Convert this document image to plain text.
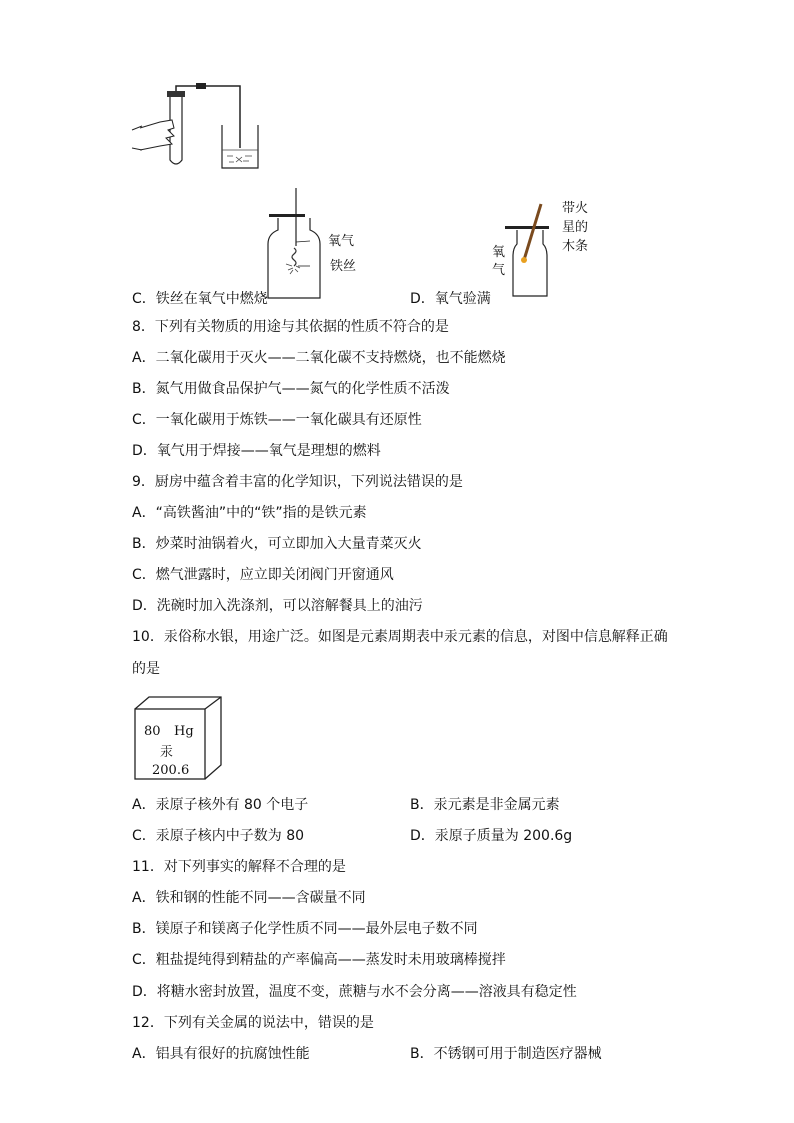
氧气
铁丝
带火
星的
木条
氧
气
C．铁丝在氧气中燃烧	D．氧气验满
8．下列有关物质的用途与其依据的性质不符合的是
A．二氧化碳用于灭火——二氧化碳不支持燃烧，也不能燃烧
B．氮气用做食品保护气——氮气的化学性质不活泼
C．一氧化碳用于炼铁——一氧化碳具有还原性
D．氧气用于焊接——氧气是理想的燃料
9．厨房中蕴含着丰富的化学知识，下列说法错误的是
A．“高铁酱油”中的“铁”指的是铁元素
B．炒菜时油锅着火，可立即加入大量青菜灭火
C．燃气泄露时，应立即关闭阀门开窗通风
D．洗碗时加入洗涤剂，可以溶解餐具上的油污
10．汞俗称水银，用途广泛。如图是元素周期表中汞元素的信息，对图中信息解释正确
的是
80 Hg
汞
200.6
A．汞原子核外有 80 个电子	B．汞元素是非金属元素
C．汞原子核内中子数为 80	D．汞原子质量为 200.6g
11．对下列事实的解释不合理的是
A．铁和钢的性能不同——含碳量不同
B．镁原子和镁离子化学性质不同——最外层电子数不同
C．粗盐提纯得到精盐的产率偏高——蒸发时未用玻璃棒搅拌
D．将糖水密封放置，温度不变，蔗糖与水不会分离——溶液具有稳定性
12．下列有关金属的说法中，错误的是
A．铝具有很好的抗腐蚀性能	B．不锈钢可用于制造医疗器械
